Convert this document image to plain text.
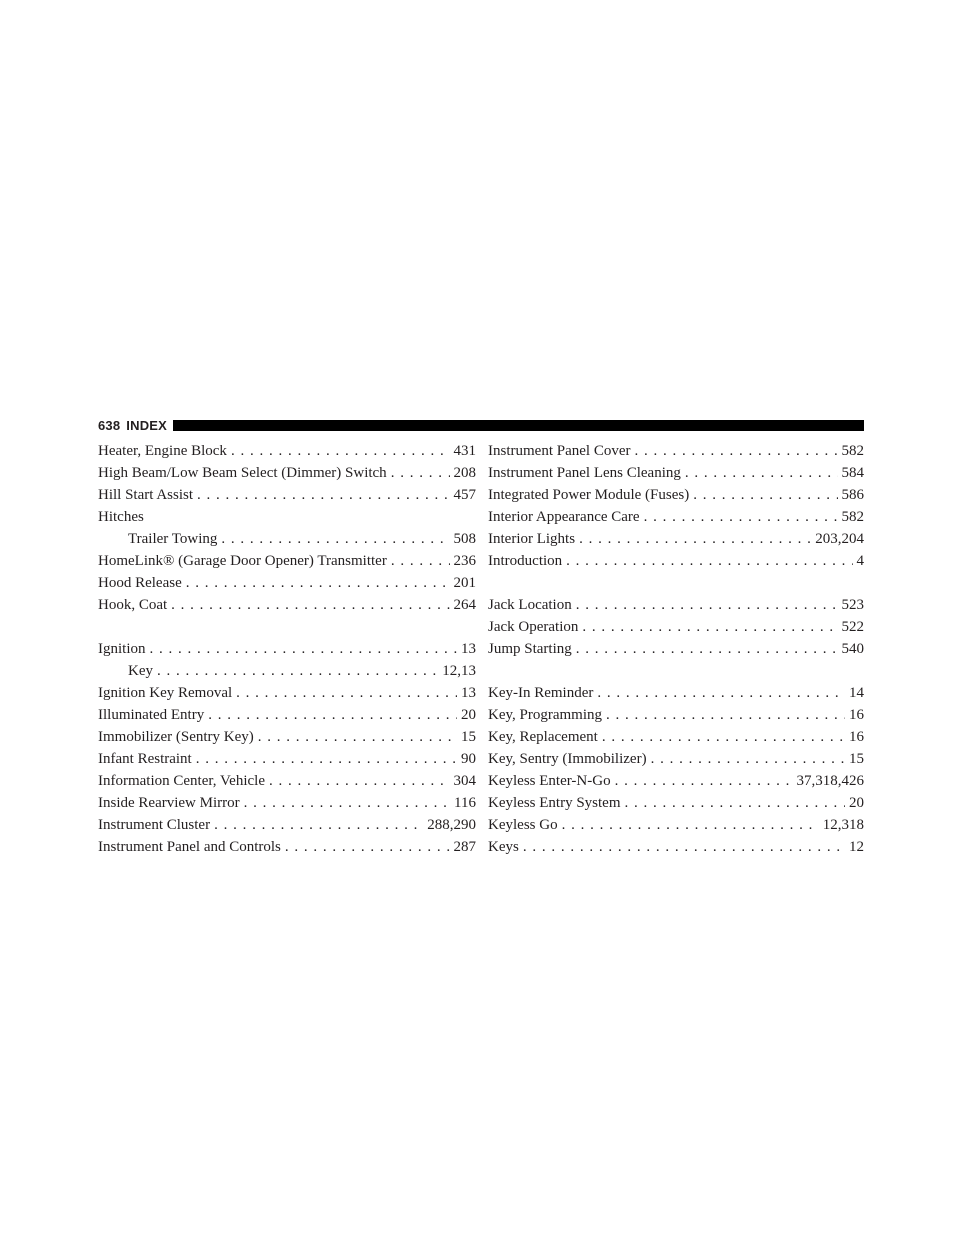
638 INDEX
Heater, Engine Block . . .	431
High Beam/Low Beam Select (Dimmer) Switch . . .	208
Hill Start Assist . . .	457
Hitches
Trailer Towing . . .	508
HomeLink® (Garage Door Opener) Transmitter . . .	236
Hood Release . . .	201
Hook, Coat . . .	264
Ignition . . .	13
Key . . .	12,13
Ignition Key Removal . . .	13
Illuminated Entry . . .	20
Immobilizer (Sentry Key) . . .	15
Infant Restraint . . .	90
Information Center, Vehicle . . .	304
Inside Rearview Mirror . . .	116
Instrument Cluster . . .	288,290
Instrument Panel and Controls . . .	287
Instrument Panel Cover . . .	582
Instrument Panel Lens Cleaning . . .	584
Integrated Power Module (Fuses) . . .	586
Interior Appearance Care . . .	582
Interior Lights . . .	203,204
Introduction . . .	4
Jack Location . . .	523
Jack Operation . . .	522
Jump Starting . . .	540
Key-In Reminder . . .	14
Key, Programming . . .	16
Key, Replacement . . .	16
Key, Sentry (Immobilizer) . . .	15
Keyless Enter-N-Go . . .	37,318,426
Keyless Entry System . . .	20
Keyless Go . . .	12,318
Keys . . .	12
